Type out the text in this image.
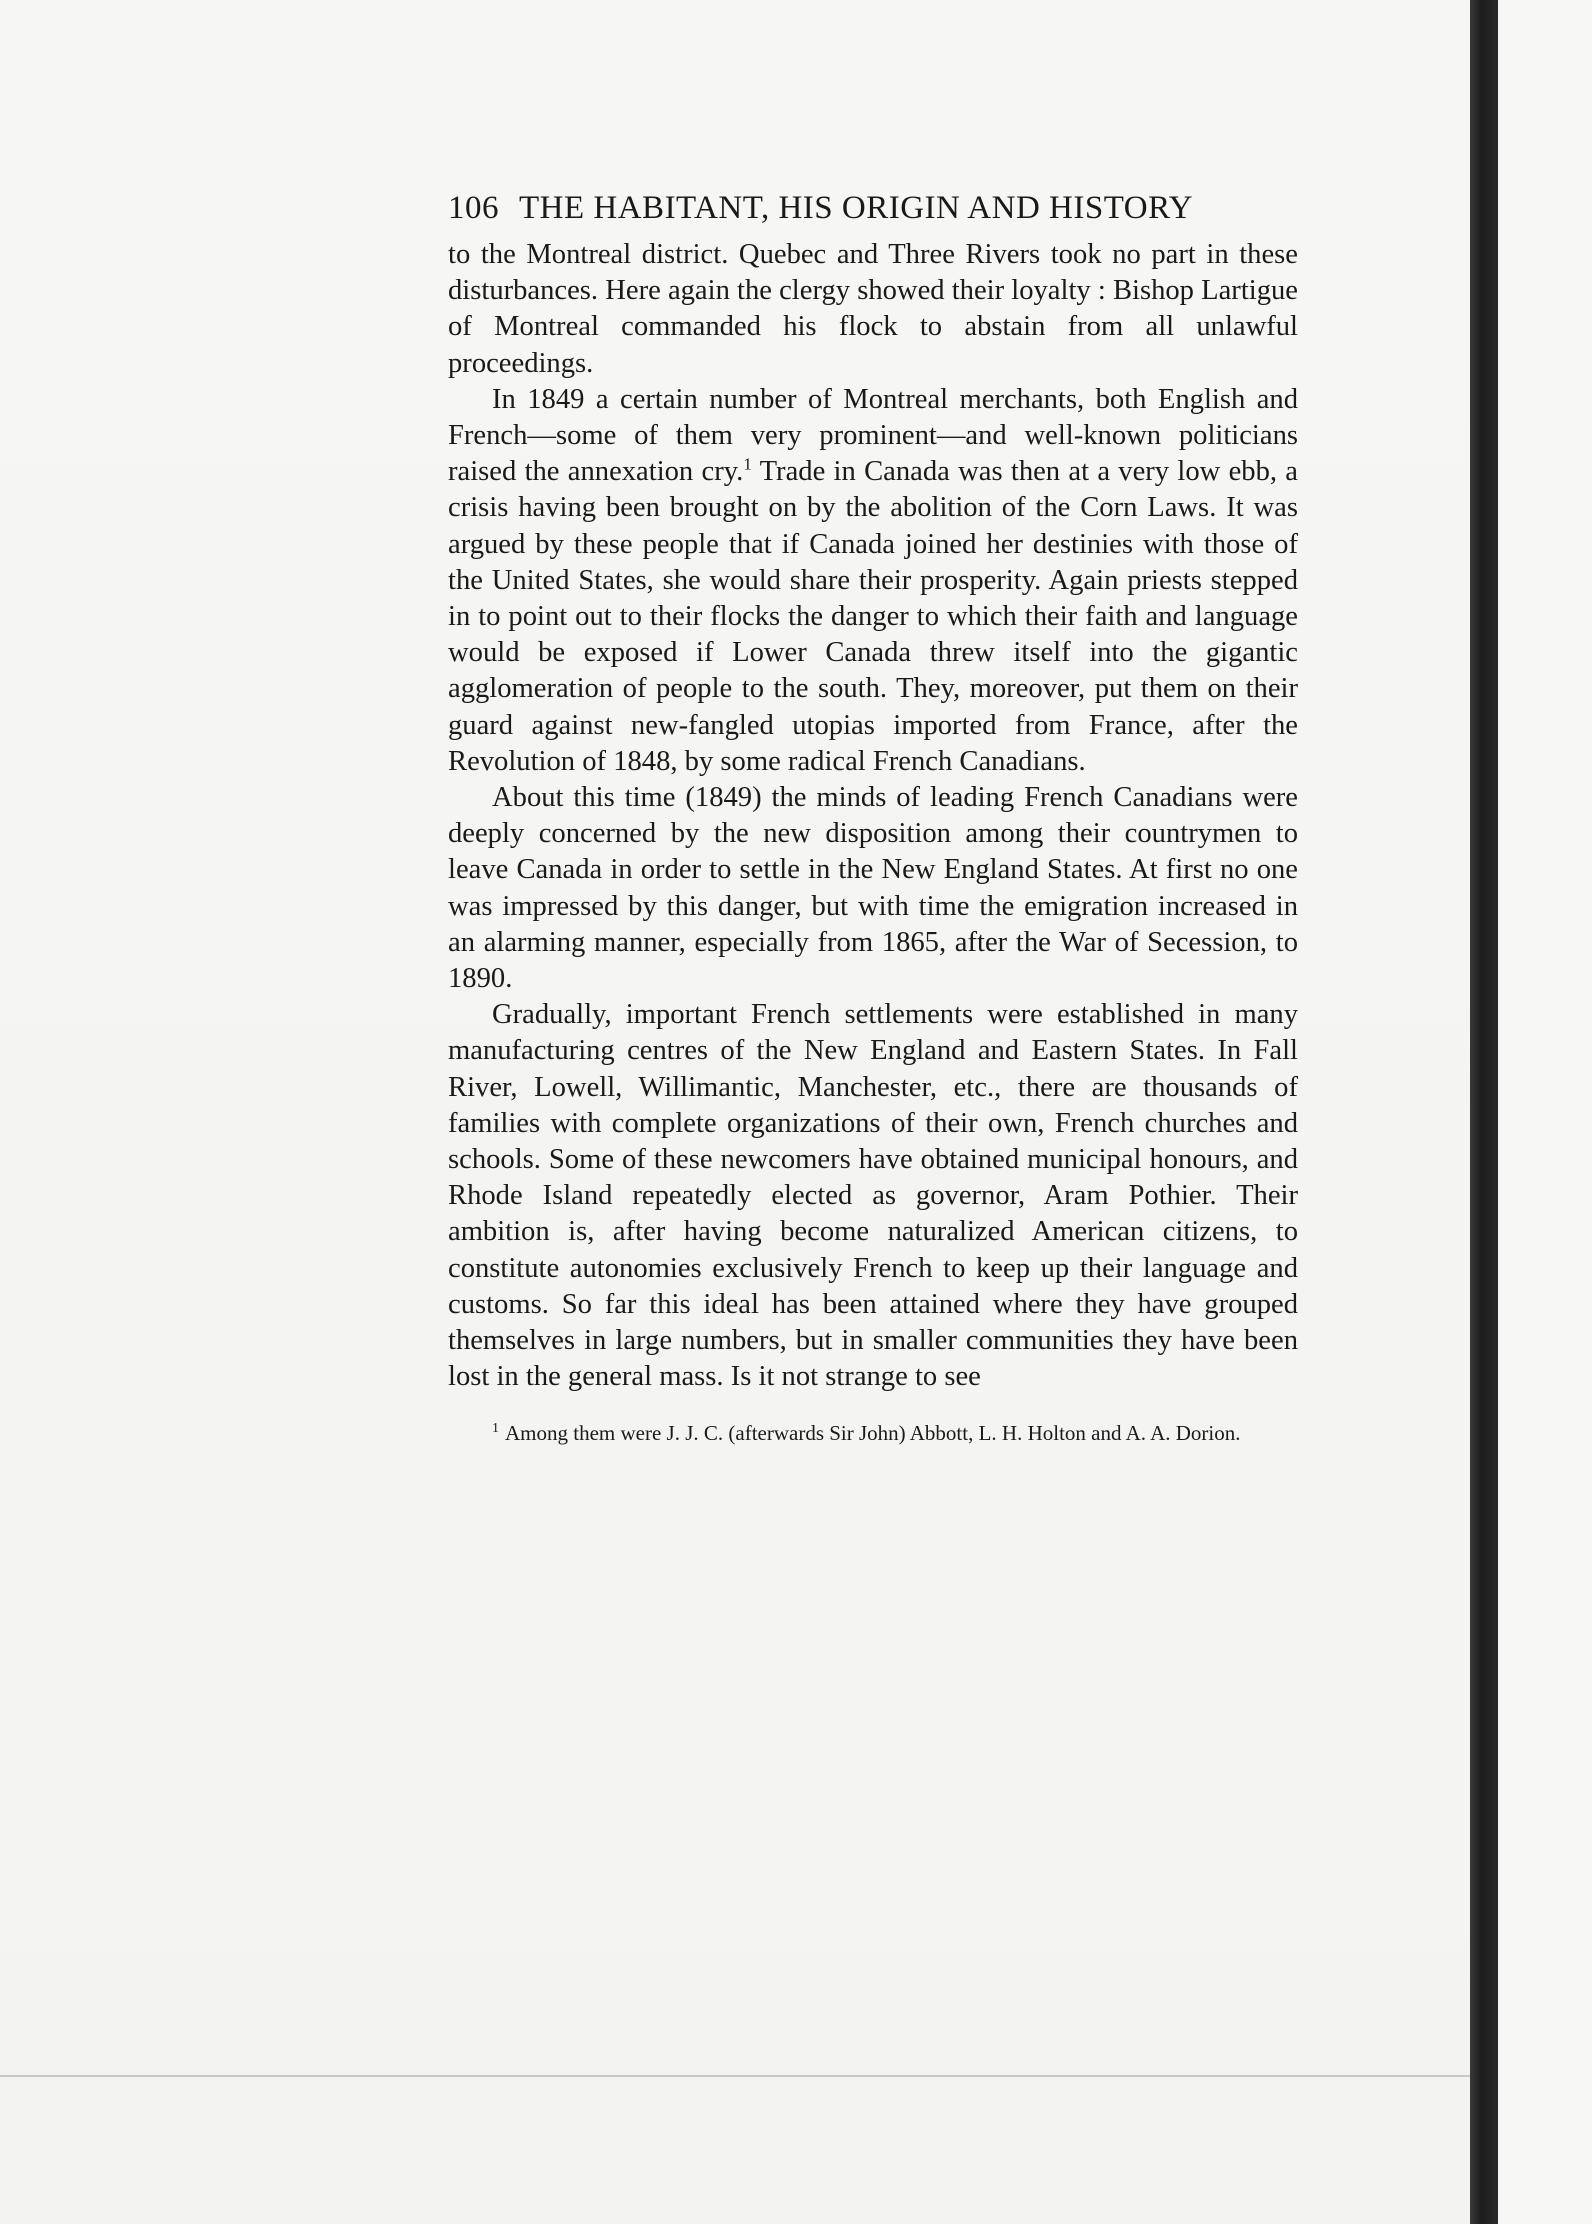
106 THE HABITANT, HIS ORIGIN AND HISTORY

to the Montreal district. Quebec and Three Rivers took no part in these disturbances. Here again the clergy showed their loyalty : Bishop Lartigue of Montreal commanded his flock to abstain from all unlawful proceedings.

In 1849 a certain number of Montreal merchants, both English and French—some of them very prominent—and well-known politicians raised the annexation cry.$^1$ Trade in Canada was then at a very low ebb, a crisis having been brought on by the abolition of the Corn Laws. It was argued by these people that if Canada joined her destinies with those of the United States, she would share their prosperity. Again priests stepped in to point out to their flocks the danger to which their faith and language would be exposed if Lower Canada threw itself into the gigantic agglomeration of people to the south. They, moreover, put them on their guard against new-fangled utopias imported from France, after the Revolution of 1848, by some radical French Canadians.

About this time (1849) the minds of leading French Canadians were deeply concerned by the new disposition among their countrymen to leave Canada in order to settle in the New England States. At first no one was impressed by this danger, but with time the emigration increased in an alarming manner, especially from 1865, after the War of Secession, to 1890.

Gradually, important French settlements were established in many manufacturing centres of the New England and Eastern States. In Fall River, Lowell, Willimantic, Manchester, etc., there are thousands of families with complete organizations of their own, French churches and schools. Some of these newcomers have obtained municipal honours, and Rhode Island repeatedly elected as governor, Aram Pothier. Their ambition is, after having become naturalized American citizens, to constitute autonomies exclusively French to keep up their language and customs. So far this ideal has been attained where they have grouped themselves in large numbers, but in smaller communities they have been lost in the general mass. Is it not strange to see

$^1$ Among them were J. J. C. (afterwards Sir John) Abbott, L. H. Holton and A. A. Dorion.
